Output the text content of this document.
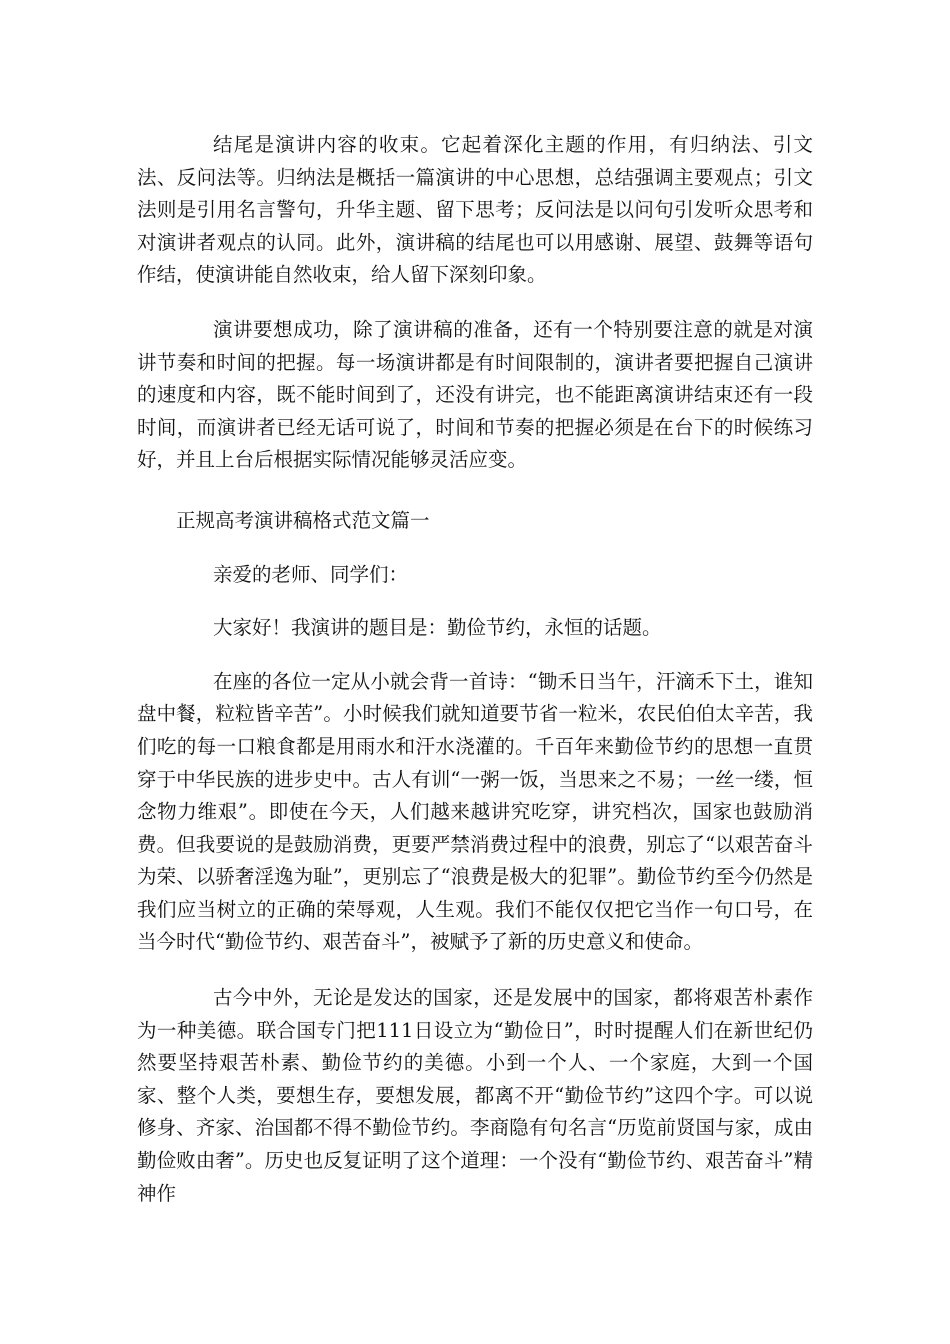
结尾是演讲内容的收束。它起着深化主题的作用，有归纳法、引文法、反问法等。归纳法是概括一篇演讲的中心思想，总结强调主要观点；引文法则是引用名言警句，升华主题、留下思考；反问法是以问句引发听众思考和对演讲者观点的认同。此外，演讲稿的结尾也可以用感谢、展望、鼓舞等语句作结，使演讲能自然收束，给人留下深刻印象。

演讲要想成功，除了演讲稿的准备，还有一个特别要注意的就是对演讲节奏和时间的把握。每一场演讲都是有时间限制的，演讲者要把握自己演讲的速度和内容，既不能时间到了，还没有讲完，也不能距离演讲结束还有一段时间，而演讲者已经无话可说了，时间和节奏的把握必须是在台下的时候练习好，并且上台后根据实际情况能够灵活应变。

正规高考演讲稿格式范文篇一

亲爱的老师、同学们：

大家好！我演讲的题目是：勤俭节约，永恒的话题。

在座的各位一定从小就会背一首诗：“锄禾日当午，汗滴禾下土，谁知盘中餐，粒粒皆辛苦”。小时候我们就知道要节省一粒米，农民伯伯太辛苦，我们吃的每一口粮食都是用雨水和汗水浇灌的。千百年来勤俭节约的思想一直贯穿于中华民族的进步史中。古人有训“一粥一饭，当思来之不易；一丝一缕，恒念物力维艰”。即使在今天，人们越来越讲究吃穿，讲究档次，国家也鼓励消费。但我要说的是鼓励消费，更要严禁消费过程中的浪费，别忘了“以艰苦奋斗为荣、以骄奢淫逸为耻”，更别忘了“浪费是极大的犯罪”。勤俭节约至今仍然是我们应当树立的正确的荣辱观，人生观。我们不能仅仅把它当作一句口号，在当今时代“勤俭节约、艰苦奋斗”，被赋予了新的历史意义和使命。

古今中外，无论是发达的国家，还是发展中的国家，都将艰苦朴素作为一种美德。联合国专门把111日设立为“勤俭日”，时时提醒人们在新世纪仍然要坚持艰苦朴素、勤俭节约的美德。小到一个人、一个家庭，大到一个国家、整个人类，要想生存，要想发展，都离不开“勤俭节约”这四个字。可以说修身、齐家、治国都不得不勤俭节约。李商隐有句名言“历览前贤国与家，成由勤俭败由奢”。历史也反复证明了这个道理：一个没有“勤俭节约、艰苦奋斗”精神作
